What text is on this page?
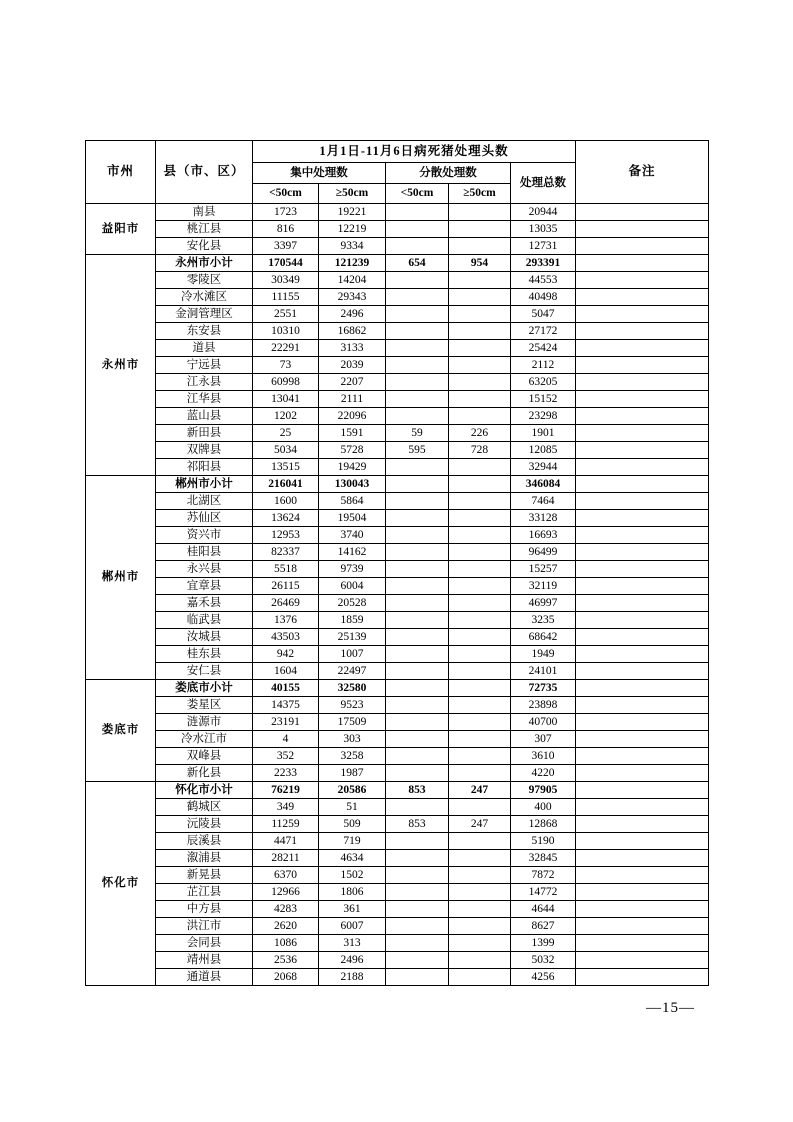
市州	县（市、区）	1月1日-11月6日病死猪处理头数					备注
		集中处理数		分散处理数		处理总数	
		<50cm	≥50cm	<50cm	≥50cm		
益阳市	南县	1723	19221			20944	
	桃江县	816	12219			13035	
	安化县	3397	9334			12731	
永州市	永州市小计	170544	121239	654	954	293391	
	零陵区	30349	14204			44553	
	冷水滩区	11155	29343			40498	
	金洞管理区	2551	2496			5047	
	东安县	10310	16862			27172	
	道县	22291	3133			25424	
	宁远县	73	2039			2112	
	江永县	60998	2207			63205	
	江华县	13041	2111			15152	
	蓝山县	1202	22096			23298	
	新田县	25	1591	59	226	1901	
	双牌县	5034	5728	595	728	12085	
	祁阳县	13515	19429			32944	
郴州市	郴州市小计	216041	130043			346084	
	北湖区	1600	5864			7464	
	苏仙区	13624	19504			33128	
	资兴市	12953	3740			16693	
	桂阳县	82337	14162			96499	
	永兴县	5518	9739			15257	
	宜章县	26115	6004			32119	
	嘉禾县	26469	20528			46997	
	临武县	1376	1859			3235	
	汝城县	43503	25139			68642	
	桂东县	942	1007			1949	
	安仁县	1604	22497			24101	
娄底市	娄底市小计	40155	32580			72735	
	娄星区	14375	9523			23898	
	涟源市	23191	17509			40700	
	冷水江市	4	303			307	
	双峰县	352	3258			3610	
	新化县	2233	1987			4220	
怀化市	怀化市小计	76219	20586	853	247	97905	
	鹤城区	349	51			400	
	沅陵县	11259	509	853	247	12868	
	辰溪县	4471	719			5190	
	溆浦县	28211	4634			32845	
	新晃县	6370	1502			7872	
	芷江县	12966	1806			14772	
	中方县	4283	361			4644	
	洪江市	2620	6007			8627	
	会同县	1086	313			1399	
	靖州县	2536	2496			5032	
	通道县	2068	2188			4256	
—15—
